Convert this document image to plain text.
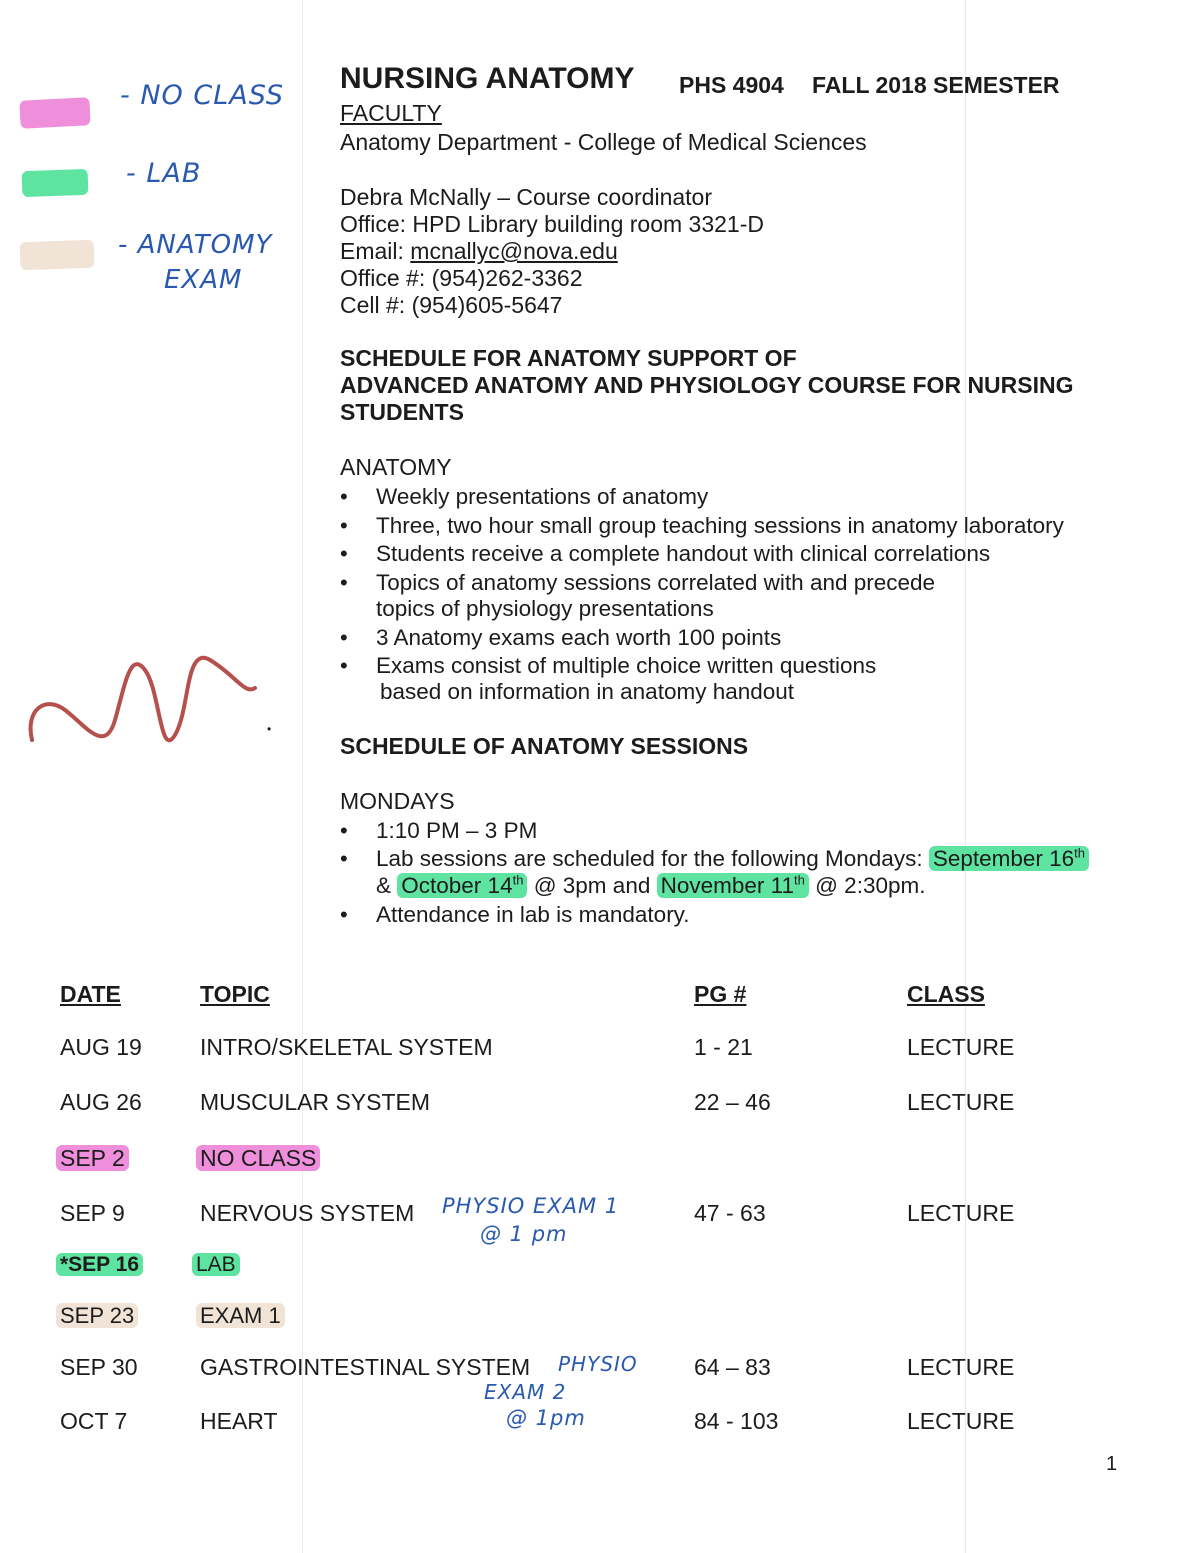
- NO CLASS
- LAB
- ANATOMY
EXAM
NURSING ANATOMY PHS 4904 FALL 2018 SEMESTER
FACULTY
Anatomy Department - College of Medical Sciences
Debra McNally – Course coordinator
Office: HPD Library building room 3321-D
Email: mcnallyc@nova.edu
Office #: (954)262-3362
Cell #: (954)605-5647
SCHEDULE FOR ANATOMY SUPPORT OF
ADVANCED ANATOMY AND PHYSIOLOGY COURSE FOR NURSING
STUDENTS
ANATOMY
• Weekly presentations of anatomy
• Three, two hour small group teaching sessions in anatomy laboratory
• Students receive a complete handout with clinical correlations
• Topics of anatomy sessions correlated with and precede
topics of physiology presentations
• 3 Anatomy exams each worth 100 points
• Exams consist of multiple choice written questions
based on information in anatomy handout
•
SCHEDULE OF ANATOMY SESSIONS
MONDAYS
• 1:10 PM – 3 PM
• Lab sessions are scheduled for the following Mondays: September 16th
& October 14th @ 3pm and November 11th @ 2:30pm.
• Attendance in lab is mandatory.
DATE	TOPIC	PG #	CLASS
AUG 19	INTRO/SKELETAL SYSTEM	1 - 21	LECTURE
AUG 26	MUSCULAR SYSTEM	22 – 46	LECTURE
SEP 2	NO CLASS
SEP 9	NERVOUS SYSTEM	47 - 63	LECTURE
PHYSIO EXAM 1
@ 1 pm
*SEP 16	LAB
SEP 23	EXAM 1
SEP 30	GASTROINTESTINAL SYSTEM	64 – 83	LECTURE
PHYSIO
EXAM 2
@ 1pm
OCT 7	HEART	84 - 103	LECTURE
1
